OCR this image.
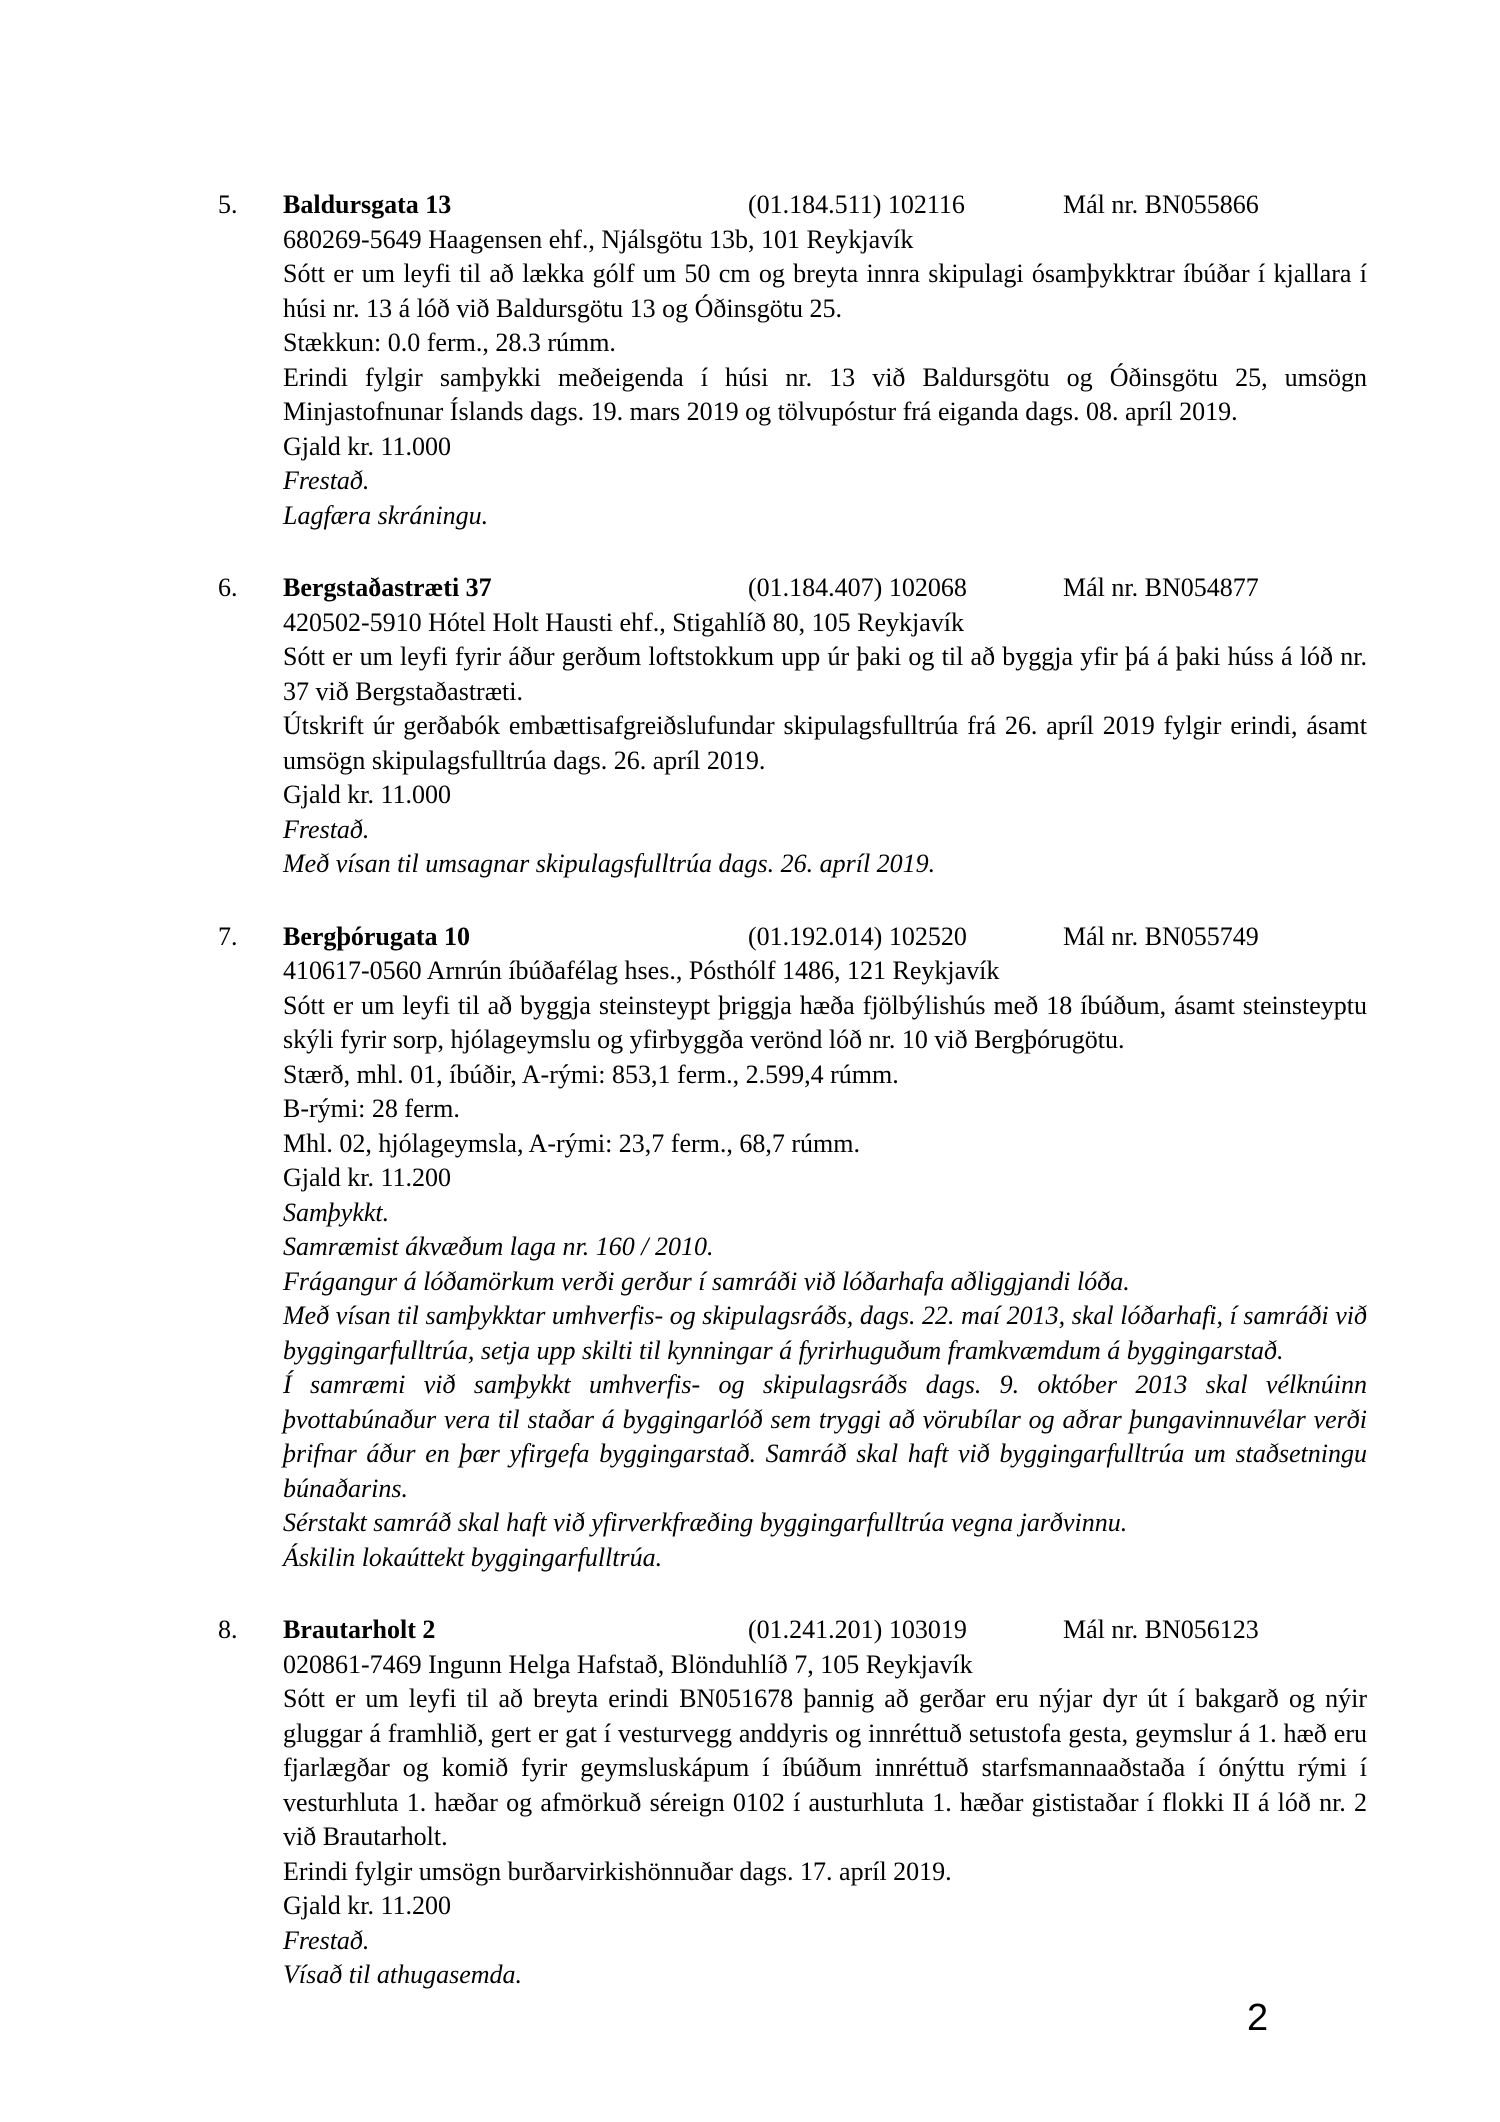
5. Baldursgata 13	(01.184.511) 102116	Mál nr. BN055866
680269-5649 Haagensen ehf., Njálsgötu 13b, 101 Reykjavík
Sótt er um leyfi til að lækka gólf um 50 cm og breyta innra skipulagi ósamþykktrar íbúðar í kjallara í húsi nr. 13 á lóð við Baldursgötu 13 og Óðinsgötu 25.
Stækkun: 0.0 ferm., 28.3 rúmm.
Erindi fylgir samþykki meðeigenda í húsi nr. 13 við Baldursgötu og Óðinsgötu 25, umsögn Minjastofnunar Íslands dags. 19. mars 2019 og tölvupóstur frá eiganda dags. 08. apríl 2019.
Gjald kr. 11.000
Frestað.
Lagfæra skráningu.
6. Bergstaðastræti 37	(01.184.407) 102068	Mál nr. BN054877
420502-5910 Hótel Holt Hausti ehf., Stigahlíð 80, 105 Reykjavík
Sótt er um leyfi fyrir áður gerðum loftstokkum upp úr þaki og til að byggja yfir þá á þaki húss á lóð nr. 37 við Bergstaðastræti.
Útskrift úr gerðabók embættisafgreiðslufundar skipulagsfulltrúa frá 26. apríl 2019 fylgir erindi, ásamt umsögn skipulagsfulltrúa dags. 26. apríl 2019.
Gjald kr. 11.000
Frestað.
Með vísan til umsagnar skipulagsfulltrúa dags. 26. apríl 2019.
7. Bergþórugata 10	(01.192.014) 102520	Mál nr. BN055749
410617-0560 Arnrún íbúðafélag hses., Pósthólf 1486, 121 Reykjavík
Sótt er um leyfi til að byggja steinsteypt þriggja hæða fjölbýlishús með 18 íbúðum, ásamt steinsteyptu skýli fyrir sorp, hjólageymslu og yfirbyggða verönd lóð nr. 10 við Bergþórugötu.
Stærð, mhl. 01, íbúðir, A-rými: 853,1 ferm., 2.599,4 rúmm.
B-rými: 28 ferm.
Mhl. 02, hjólageymsla, A-rými: 23,7 ferm., 68,7 rúmm.
Gjald kr. 11.200
Samþykkt.
Samræmist ákvæðum laga nr. 160 / 2010.
Frágangur á lóðamörkum verði gerður í samráði við lóðarhafa aðliggjandi lóða.
Með vísan til samþykktar umhverfis- og skipulagsráðs, dags. 22. maí 2013, skal lóðarhafi, í samráði við byggingarfulltrúa, setja upp skilti til kynningar á fyrirhuguðum framkvæmdum á byggingarstað.
Í samræmi við samþykkt umhverfis- og skipulagsráðs dags. 9. október 2013 skal vélknúinn þvottabúnaður vera til staðar á byggingarlóð sem tryggi að vörubílar og aðrar þungavinnuvélar verði þrifnar áður en þær yfirgefa byggingarstað. Samráð skal haft við byggingarfulltrúa um staðsetningu búnaðarins.
Sérstakt samráð skal haft við yfirverkfræðing byggingarfulltrúa vegna jarðvinnu.
Áskilin lokaúttekt byggingarfulltrúa.
8. Brautarholt 2	(01.241.201) 103019	Mál nr. BN056123
020861-7469 Ingunn Helga Hafstað, Blönduhlíð 7, 105 Reykjavík
Sótt er um leyfi til að breyta erindi BN051678 þannig að gerðar eru nýjar dyr út í bakgarð og nýir gluggar á framhlið, gert er gat í vesturvegg anddyris og innréttuð setustofa gesta, geymslur á 1. hæð eru fjarlægðar og komið fyrir geymsluskápum í íbúðum innréttuð starfsmannaaðstaða í ónýttu rými í vesturhluta 1. hæðar og afmörkuð séreign 0102 í austurhluta 1. hæðar gististaðar í flokki II á lóð nr. 2 við Brautarholt.
Erindi fylgir umsögn burðarvirkishönnuðar dags. 17. apríl 2019.
Gjald kr. 11.200
Frestað.
Vísað til athugasemda.
2
